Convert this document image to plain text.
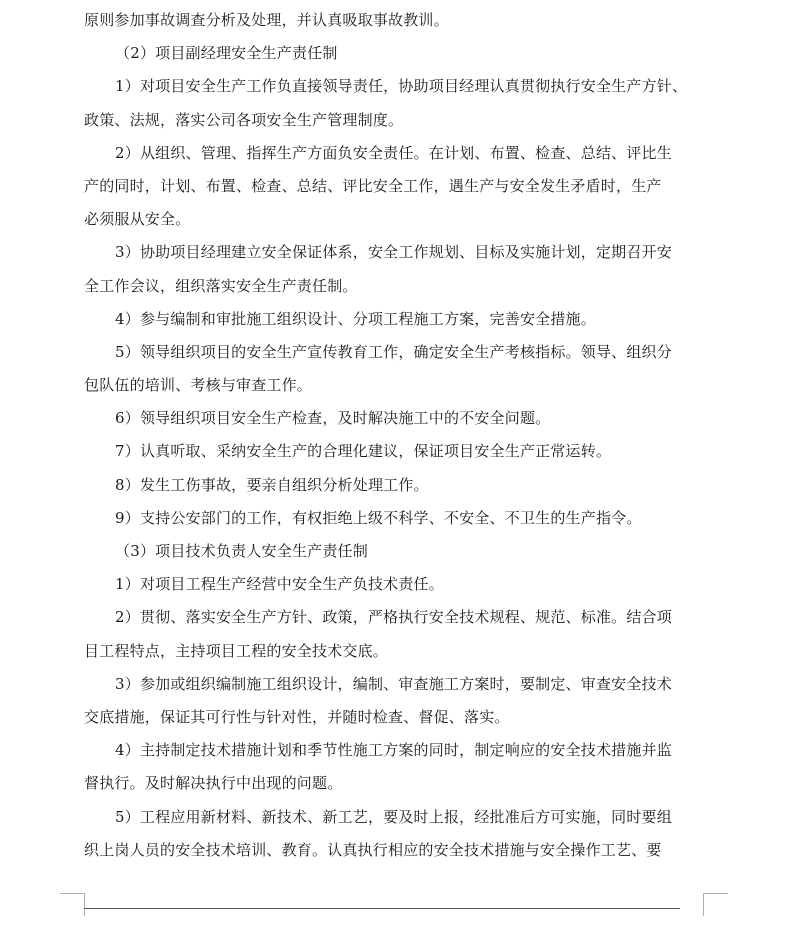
原则参加事故调查分析及处理，并认真吸取事故教训。
（2）项目副经理安全生产责任制
1）对项目安全生产工作负直接领导责任，协助项目经理认真贯彻执行安全生产方针、
政策、法规，落实公司各项安全生产管理制度。
2）从组织、管理、指挥生产方面负安全责任。在计划、布置、检查、总结、评比生
产的同时，计划、布置、检查、总结、评比安全工作，遇生产与安全发生矛盾时，生产
必须服从安全。
3）协助项目经理建立安全保证体系，安全工作规划、目标及实施计划，定期召开安
全工作会议，组织落实安全生产责任制。
4）参与编制和审批施工组织设计、分项工程施工方案，完善安全措施。
5）领导组织项目的安全生产宣传教育工作，确定安全生产考核指标。领导、组织分
包队伍的培训、考核与审查工作。
6）领导组织项目安全生产检查，及时解决施工中的不安全问题。
7）认真听取、采纳安全生产的合理化建议，保证项目安全生产正常运转。
8）发生工伤事故，要亲自组织分析处理工作。
9）支持公安部门的工作，有权拒绝上级不科学、不安全、不卫生的生产指令。
（3）项目技术负责人安全生产责任制
1）对项目工程生产经营中安全生产负技术责任。
2）贯彻、落实安全生产方针、政策，严格执行安全技术规程、规范、标准。结合项
目工程特点，主持项目工程的安全技术交底。
3）参加或组织编制施工组织设计，编制、审查施工方案时，要制定、审查安全技术
交底措施，保证其可行性与针对性，并随时检查、督促、落实。
4）主持制定技术措施计划和季节性施工方案的同时，制定响应的安全技术措施并监
督执行。及时解决执行中出现的问题。
5）工程应用新材料、新技术、新工艺，要及时上报，经批准后方可实施，同时要组
织上岗人员的安全技术培训、教育。认真执行相应的安全技术措施与安全操作工艺、要
